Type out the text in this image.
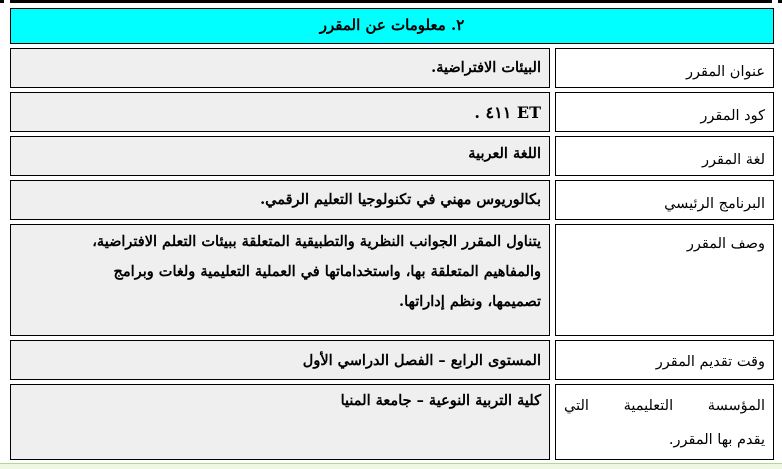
٢. معلومات عن المقرر
البيئات الافتراضية.	عنوان المقرر
ET ٤١١ .	كود المقرر
اللغة العربية	لغة المقرر
بكالوريوس مهني في تكنولوجيا التعليم الرقمي.	البرنامج الرئيسي
يتناول المقرر الجوانب النظرية والتطبيقية المتعلقة ببيئات التعلم الافتراضية،
والمفاهيم المتعلقة بها، واستخداماتها في العملية التعليمية ولغات وبرامج
تصميمها، ونظم إداراتها.
وصف المقرر
المستوى الرابع – الفصل الدراسي الأول	وقت تقديم المقرر
كلية التربية النوعية – جامعة المنيا	المؤسسة التعليمية التي
يقدم بها المقرر.
